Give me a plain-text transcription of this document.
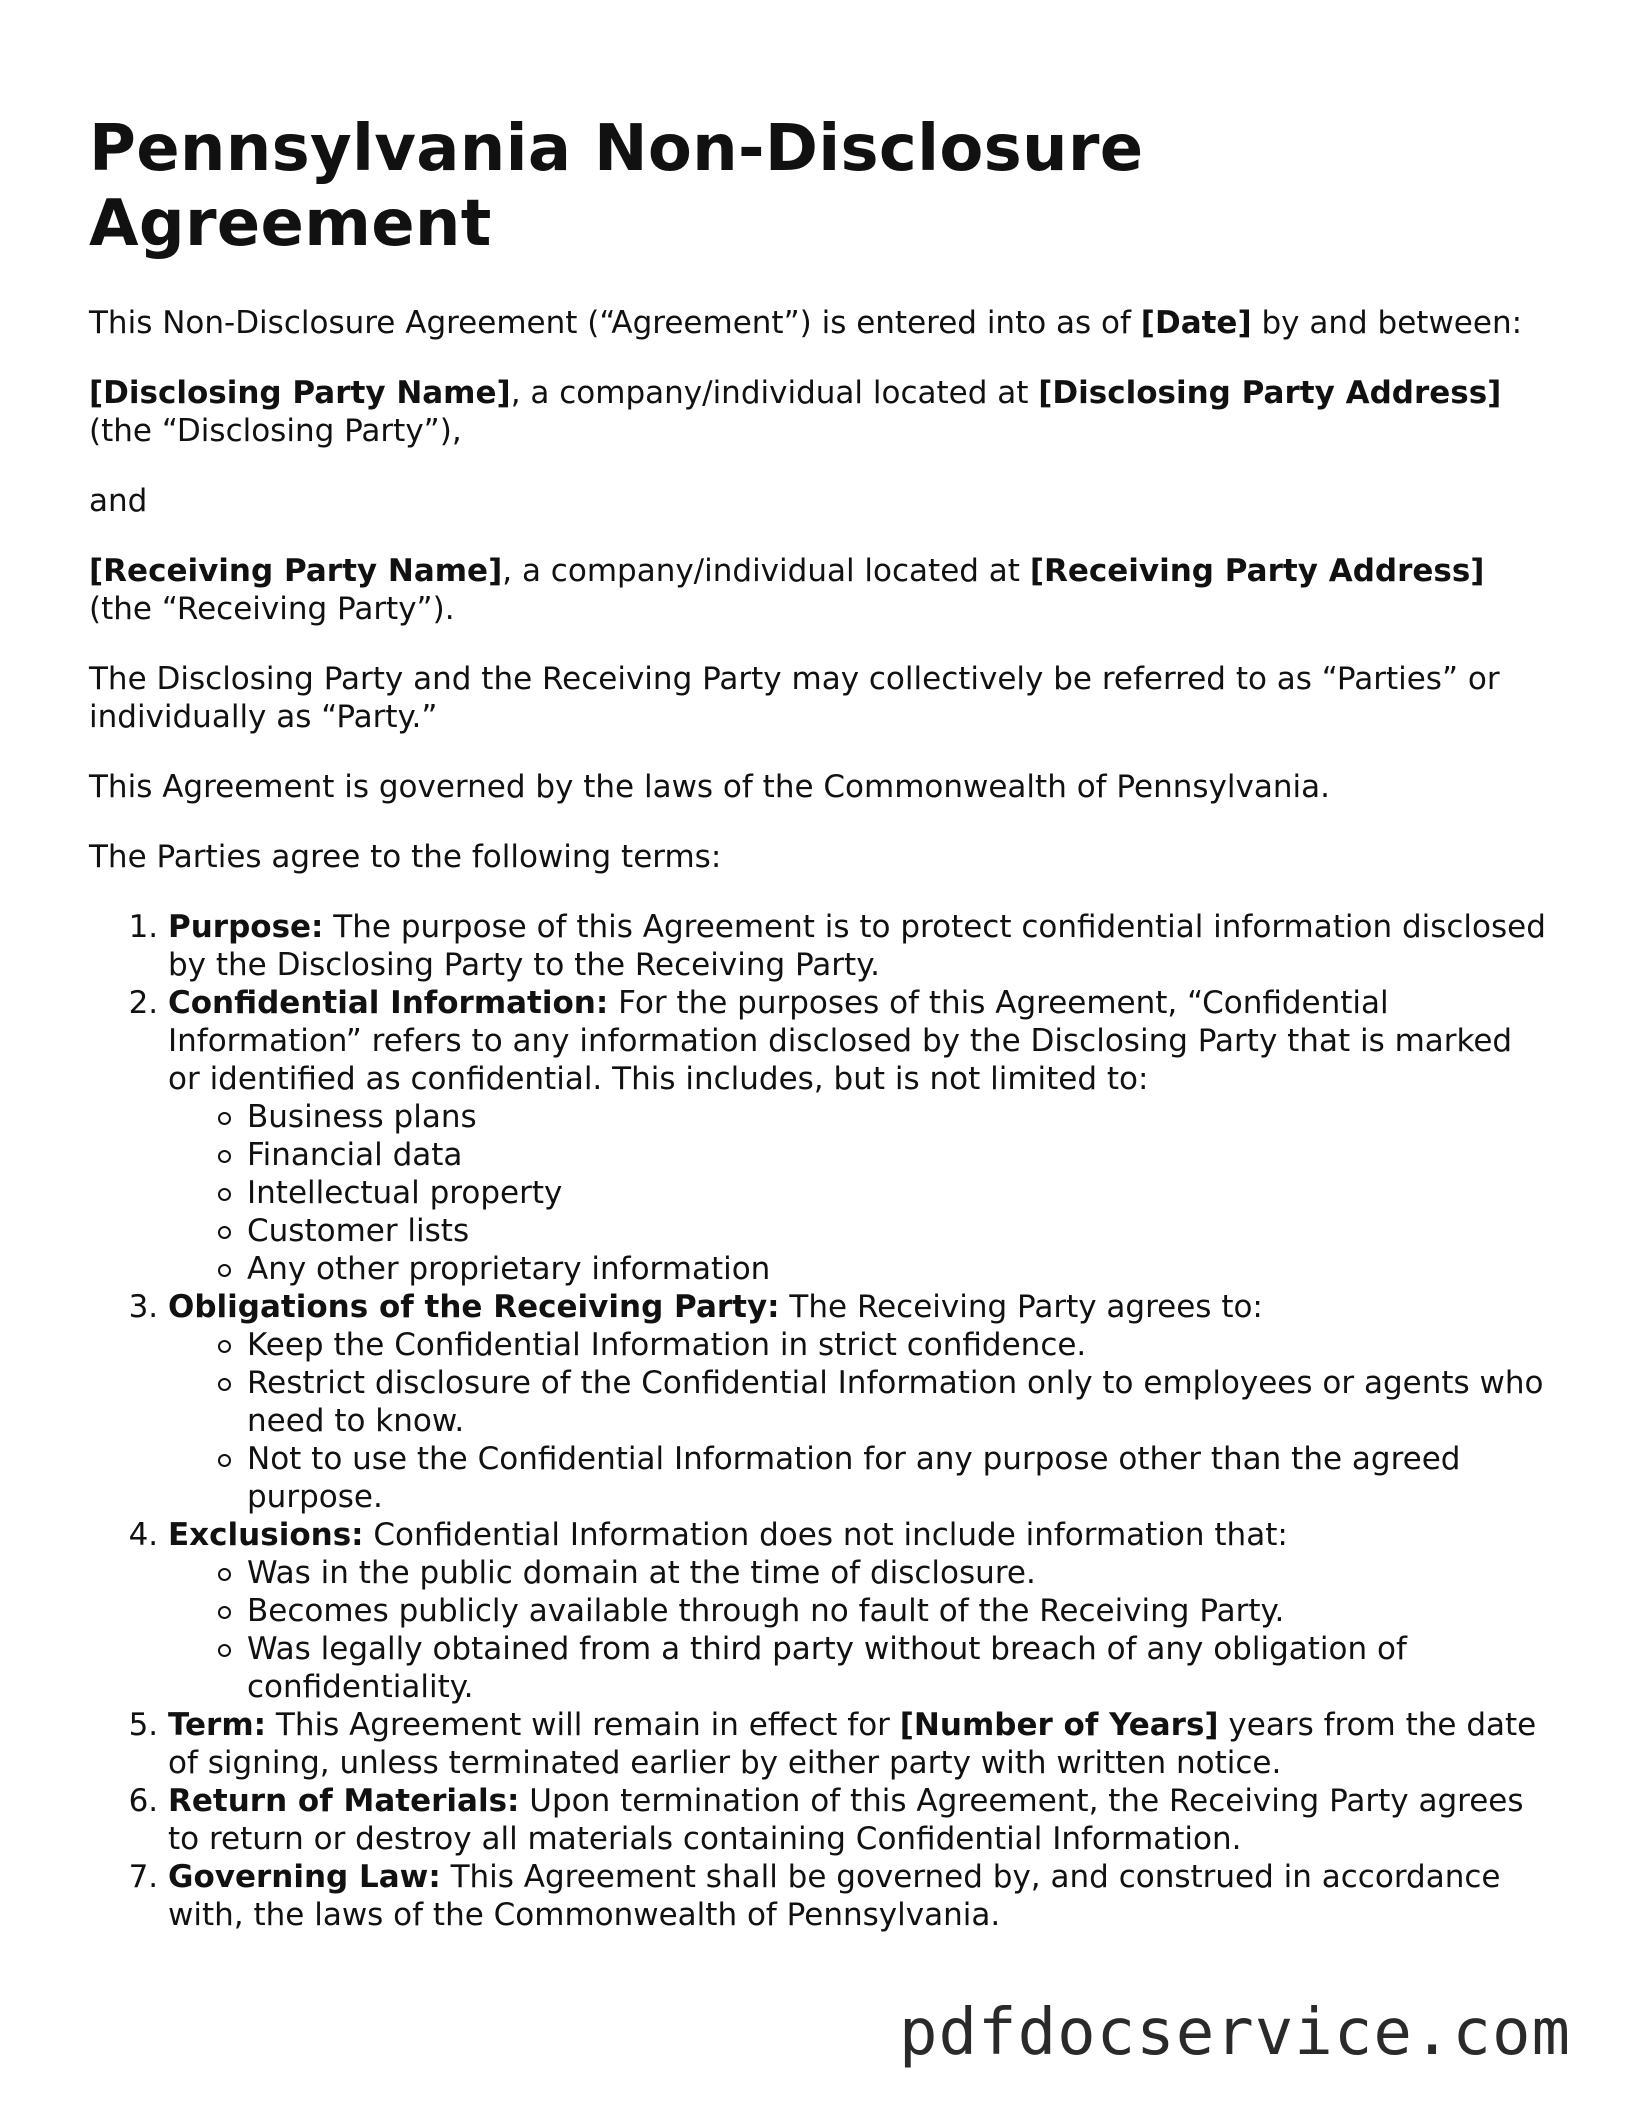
Pennsylvania Non-Disclosure Agreement

This Non-Disclosure Agreement (“Agreement”) is entered into as of [Date] by and between:

[Disclosing Party Name], a company/individual located at [Disclosing Party Address] (the “Disclosing Party”),

and

[Receiving Party Name], a company/individual located at [Receiving Party Address] (the “Receiving Party”).

The Disclosing Party and the Receiving Party may collectively be referred to as “Parties” or individually as “Party.”

This Agreement is governed by the laws of the Commonwealth of Pennsylvania.

The Parties agree to the following terms:

1. Purpose: The purpose of this Agreement is to protect confidential information disclosed by the Disclosing Party to the Receiving Party.
2. Confidential Information: For the purposes of this Agreement, “Confidential Information” refers to any information disclosed by the Disclosing Party that is marked or identified as confidential. This includes, but is not limited to:
Business plans
Financial data
Intellectual property
Customer lists
Any other proprietary information
3. Obligations of the Receiving Party: The Receiving Party agrees to:
Keep the Confidential Information in strict confidence.
Restrict disclosure of the Confidential Information only to employees or agents who need to know.
Not to use the Confidential Information for any purpose other than the agreed purpose.
4. Exclusions: Confidential Information does not include information that:
Was in the public domain at the time of disclosure.
Becomes publicly available through no fault of the Receiving Party.
Was legally obtained from a third party without breach of any obligation of confidentiality.
5. Term: This Agreement will remain in effect for [Number of Years] years from the date of signing, unless terminated earlier by either party with written notice.
6. Return of Materials: Upon termination of this Agreement, the Receiving Party agrees to return or destroy all materials containing Confidential Information.
7. Governing Law: This Agreement shall be governed by, and construed in accordance with, the laws of the Commonwealth of Pennsylvania.
pdfdocservice.com
